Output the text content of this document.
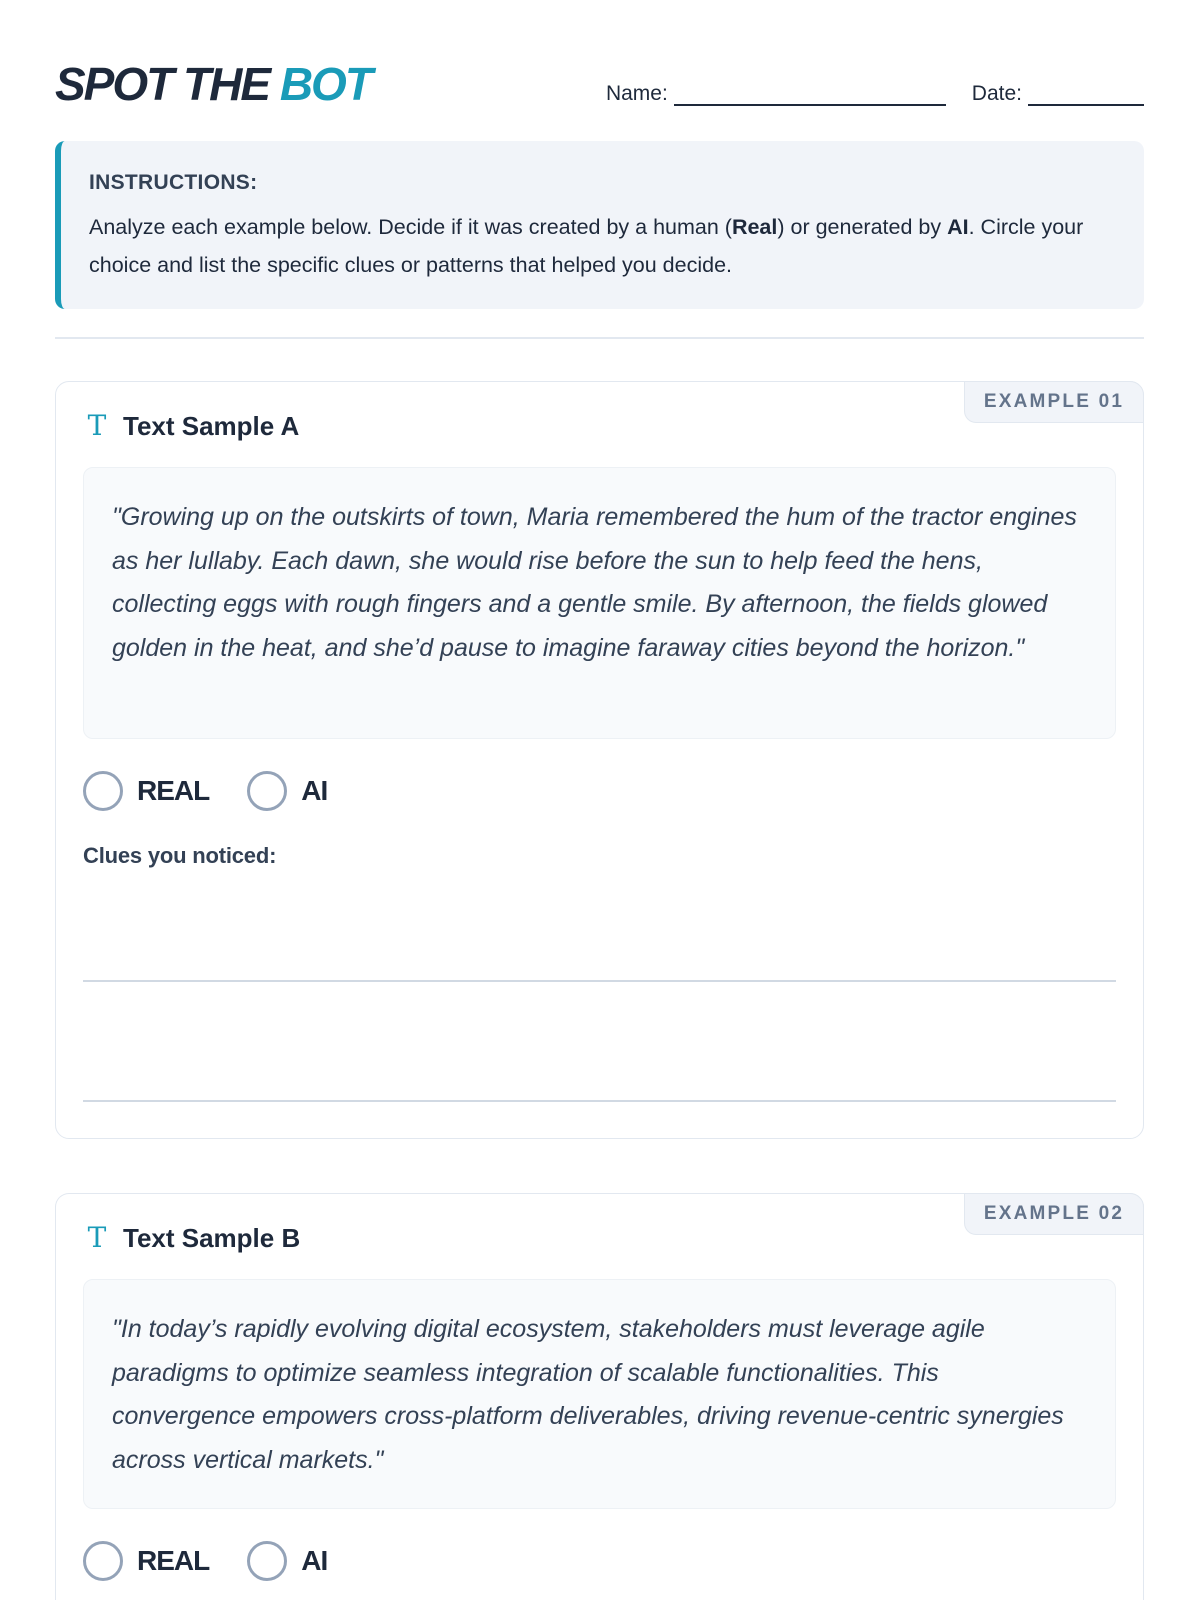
SPOT THE BOT	Name:	Date:
INSTRUCTIONS:
Analyze each example below. Decide if it was created by a human (Real) or generated by AI. Circle your choice and list the specific clues or patterns that helped you decide.
EXAMPLE 01
T Text Sample A
"Growing up on the outskirts of town, Maria remembered the hum of the tractor engines as her lullaby. Each dawn, she would rise before the sun to help feed the hens, collecting eggs with rough fingers and a gentle smile. By afternoon, the fields glowed golden in the heat, and she’d pause to imagine faraway cities beyond the horizon."
REAL	AI
Clues you noticed:
EXAMPLE 02
T Text Sample B
"In today’s rapidly evolving digital ecosystem, stakeholders must leverage agile paradigms to optimize seamless integration of scalable functionalities. This convergence empowers cross-platform deliverables, driving revenue-centric synergies across vertical markets."
REAL	AI
